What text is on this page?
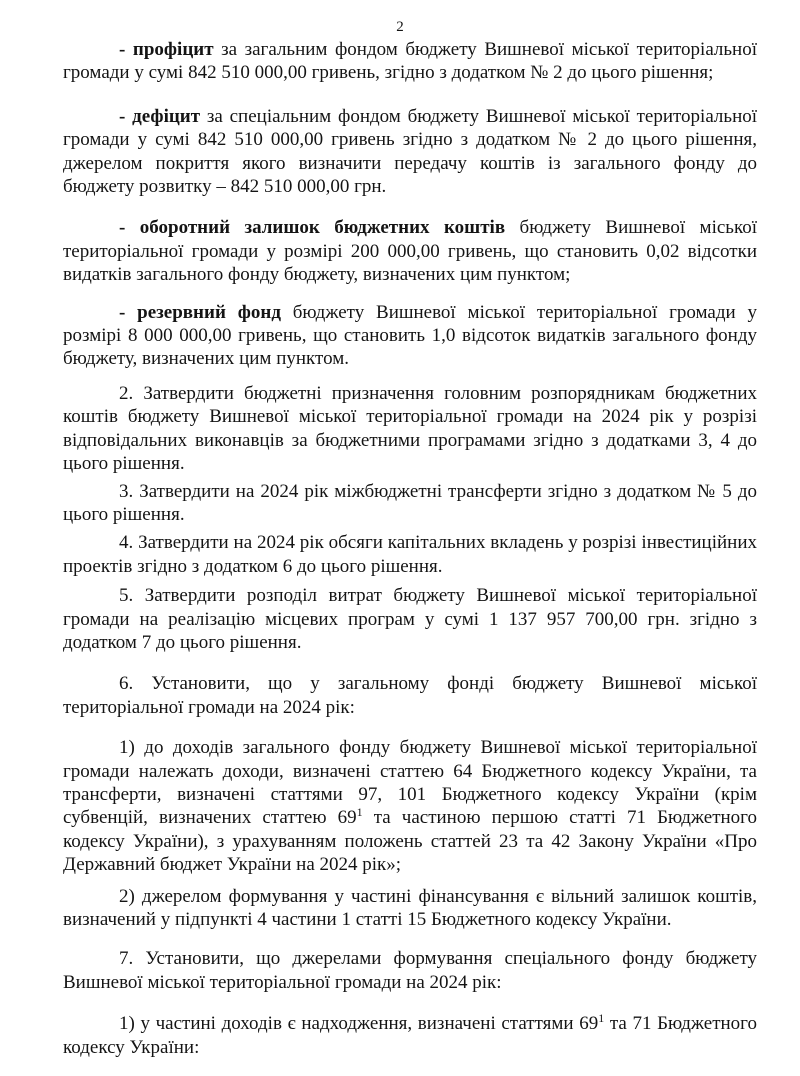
2

- профіцит за загальним фондом бюджету Вишневої міської територіальної громади у сумі 842 510 000,00 гривень, згідно з додатком № 2 до цього рішення;

- дефіцит за спеціальним фондом бюджету Вишневої міської територіальної громади у сумі 842 510 000,00 гривень згідно з додатком № 2 до цього рішення, джерелом покриття якого визначити передачу коштів із загального фонду до бюджету розвитку – 842 510 000,00 грн.

- оборотний залишок бюджетних коштів бюджету Вишневої міської територіальної громади у розмірі 200 000,00 гривень, що становить 0,02 відсотки видатків загального фонду бюджету, визначених цим пунктом;

- резервний фонд бюджету Вишневої міської територіальної громади у розмірі 8 000 000,00 гривень, що становить 1,0 відсоток видатків загального фонду бюджету, визначених цим пунктом.

2. Затвердити бюджетні призначення головним розпорядникам бюджетних коштів бюджету Вишневої міської територіальної громади на 2024 рік у розрізі відповідальних виконавців за бюджетними програмами згідно з додатками 3, 4 до цього рішення.

3. Затвердити на 2024 рік міжбюджетні трансферти згідно з додатком № 5 до цього рішення.

4. Затвердити на 2024 рік обсяги капітальних вкладень у розрізі інвестиційних проектів згідно з додатком 6 до цього рішення.

5. Затвердити розподіл витрат бюджету Вишневої міської територіальної громади на реалізацію місцевих програм у сумі 1 137 957 700,00 грн. згідно з додатком 7 до цього рішення.

6. Установити, що у загальному фонді бюджету Вишневої міської територіальної громади на 2024 рік:

1) до доходів загального фонду бюджету Вишневої міської територіальної громади належать доходи, визначені статтею 64 Бюджетного кодексу України, та трансферти, визначені статтями 97, 101 Бюджетного кодексу України (крім субвенцій, визначених статтею $69^1$ та частиною першою статті 71 Бюджетного кодексу України), з урахуванням положень статтей 23 та 42 Закону України «Про Державний бюджет України на 2024 рік»;

2) джерелом формування у частині фінансування є вільний залишок коштів, визначений у підпункті 4 частини 1 статті 15 Бюджетного кодексу України.

7. Установити, що джерелами формування спеціального фонду бюджету Вишневої міської територіальної громади на 2024 рік:

1) у частині доходів є надходження, визначені статтями $69^1$ та 71 Бюджетного кодексу України:
